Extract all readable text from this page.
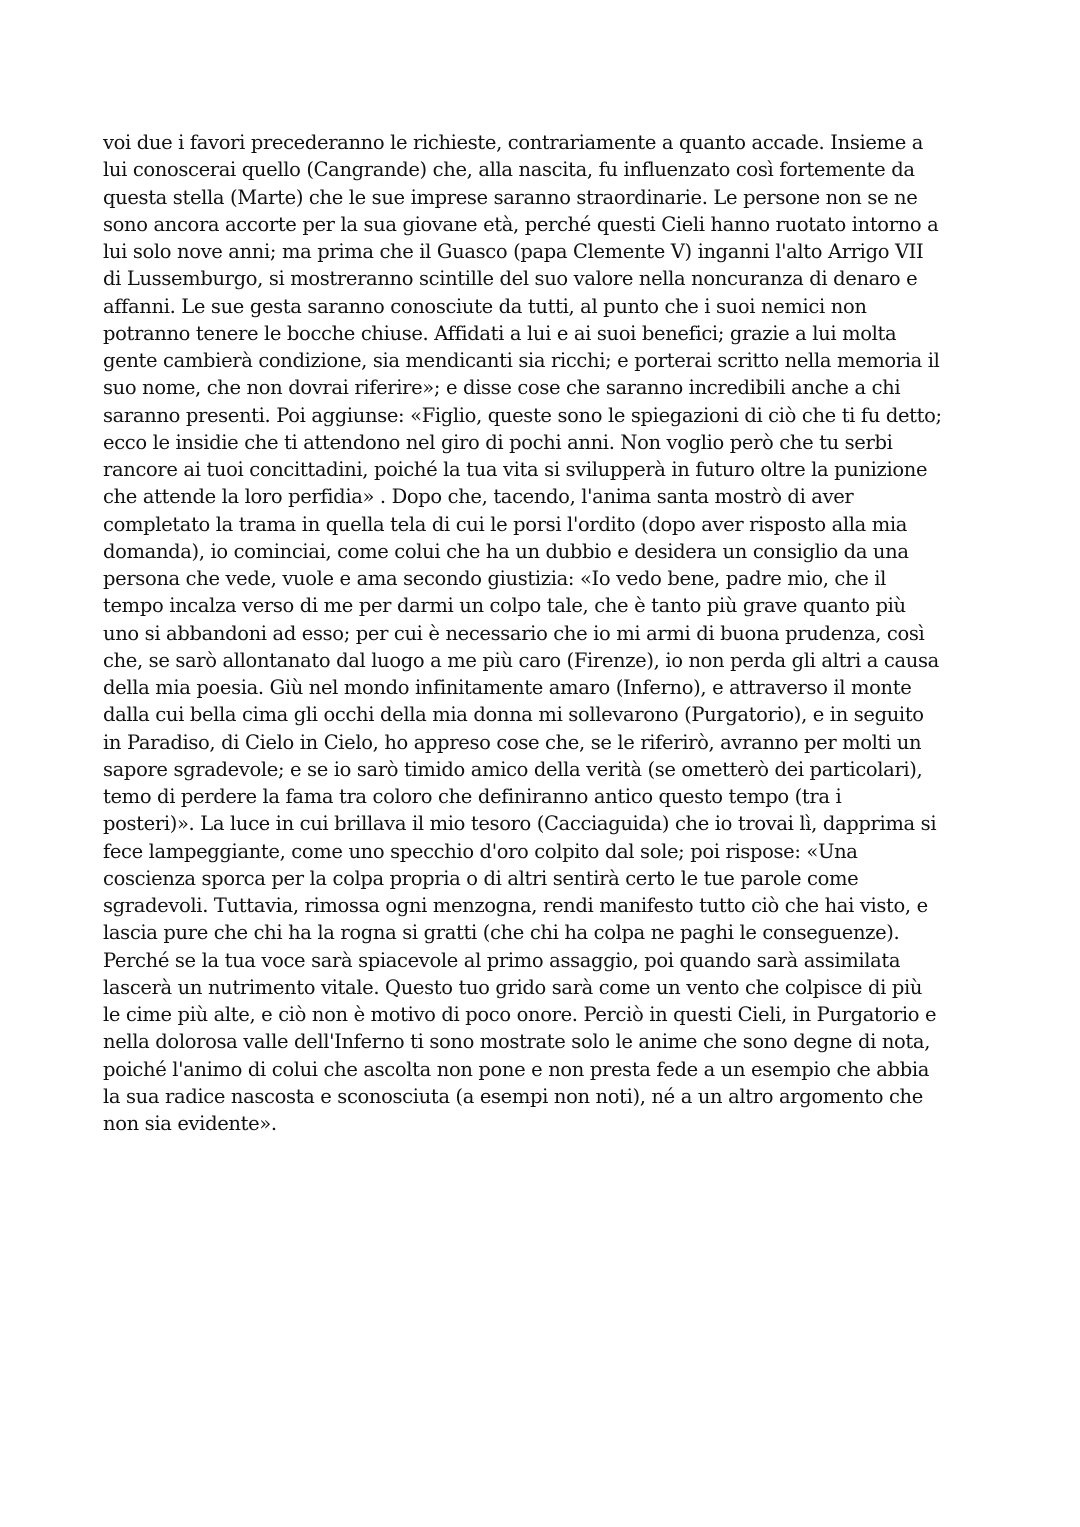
voi due i favori precederanno le richieste, contrariamente a quanto accade. Insieme a
lui conoscerai quello (Cangrande) che, alla nascita, fu influenzato così fortemente da
questa stella (Marte) che le sue imprese saranno straordinarie. Le persone non se ne
sono ancora accorte per la sua giovane età, perché questi Cieli hanno ruotato intorno a
lui solo nove anni; ma prima che il Guasco (papa Clemente V) inganni l'alto Arrigo VII
di Lussemburgo, si mostreranno scintille del suo valore nella noncuranza di denaro e
affanni. Le sue gesta saranno conosciute da tutti, al punto che i suoi nemici non
potranno tenere le bocche chiuse. Affidati a lui e ai suoi benefici; grazie a lui molta
gente cambierà condizione, sia mendicanti sia ricchi; e porterai scritto nella memoria il
suo nome, che non dovrai riferire»; e disse cose che saranno incredibili anche a chi
saranno presenti. Poi aggiunse: «Figlio, queste sono le spiegazioni di ciò che ti fu detto;
ecco le insidie che ti attendono nel giro di pochi anni. Non voglio però che tu serbi
rancore ai tuoi concittadini, poiché la tua vita si svilupperà in futuro oltre la punizione
che attende la loro perfidia» . Dopo che, tacendo, l'anima santa mostrò di aver
completato la trama in quella tela di cui le porsi l'ordito (dopo aver risposto alla mia
domanda), io cominciai, come colui che ha un dubbio e desidera un consiglio da una
persona che vede, vuole e ama secondo giustizia: «Io vedo bene, padre mio, che il
tempo incalza verso di me per darmi un colpo tale, che è tanto più grave quanto più
uno si abbandoni ad esso; per cui è necessario che io mi armi di buona prudenza, così
che, se sarò allontanato dal luogo a me più caro (Firenze), io non perda gli altri a causa
della mia poesia. Giù nel mondo infinitamente amaro (Inferno), e attraverso il monte
dalla cui bella cima gli occhi della mia donna mi sollevarono (Purgatorio), e in seguito
in Paradiso, di Cielo in Cielo, ho appreso cose che, se le riferirò, avranno per molti un
sapore sgradevole; e se io sarò timido amico della verità (se ometterò dei particolari),
temo di perdere la fama tra coloro che definiranno antico questo tempo (tra i
posteri)». La luce in cui brillava il mio tesoro (Cacciaguida) che io trovai lì, dapprima si
fece lampeggiante, come uno specchio d'oro colpito dal sole; poi rispose: «Una
coscienza sporca per la colpa propria o di altri sentirà certo le tue parole come
sgradevoli. Tuttavia, rimossa ogni menzogna, rendi manifesto tutto ciò che hai visto, e
lascia pure che chi ha la rogna si gratti (che chi ha colpa ne paghi le conseguenze).
Perché se la tua voce sarà spiacevole al primo assaggio, poi quando sarà assimilata
lascerà un nutrimento vitale. Questo tuo grido sarà come un vento che colpisce di più
le cime più alte, e ciò non è motivo di poco onore. Perciò in questi Cieli, in Purgatorio e
nella dolorosa valle dell'Inferno ti sono mostrate solo le anime che sono degne di nota,
poiché l'animo di colui che ascolta non pone e non presta fede a un esempio che abbia
la sua radice nascosta e sconosciuta (a esempi non noti), né a un altro argomento che
non sia evidente».
